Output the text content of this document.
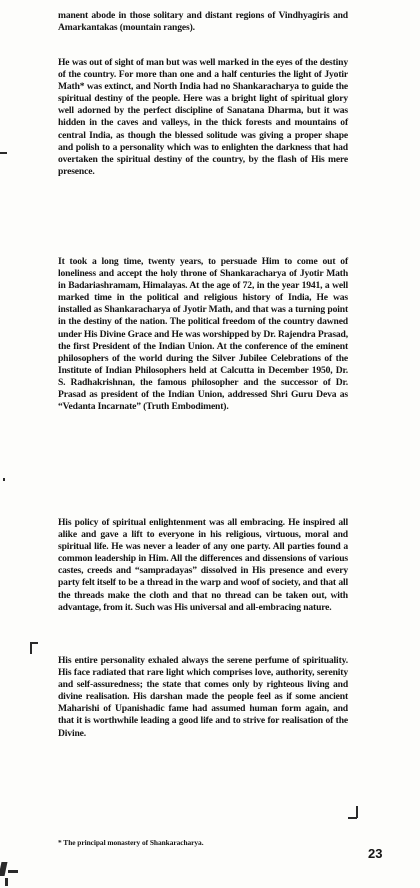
manent abode in those solitary and distant regions of Vindhyagiris and Amarkantakas (mountain ranges).

He was out of sight of man but was well marked in the eyes of the destiny of the country. For more than one and a half centuries the light of Jyotir Math* was extinct, and North India had no Shankaracharya to guide the spiritual destiny of the people. Here was a bright light of spiritual glory well adorned by the perfect discipline of Sanatana Dharma, but it was hidden in the caves and valleys, in the thick forests and mountains of central India, as though the blessed solitude was giving a proper shape and polish to a personality which was to enlighten the darkness that had overtaken the spiritual destiny of the country, by the flash of His mere presence.

It took a long time, twenty years, to persuade Him to come out of loneliness and accept the holy throne of Shankaracharya of Jyotir Math in Badariashramam, Himalayas. At the age of 72, in the year 1941, a well marked time in the political and religious history of India, He was installed as Shankaracharya of Jyotir Math, and that was a turning point in the destiny of the nation. The political freedom of the country dawned under His Divine Grace and He was worshipped by Dr. Rajendra Prasad, the first President of the Indian Union. At the conference of the eminent philosophers of the world during the Silver Jubilee Celebrations of the Institute of Indian Philosophers held at Calcutta in December 1950, Dr. S. Radhakrishnan, the famous philosopher and the successor of Dr. Prasad as president of the Indian Union, addressed Shri Guru Deva as “Vedanta Incarnate” (Truth Embodiment).

His policy of spiritual enlightenment was all embracing. He inspired all alike and gave a lift to everyone in his religious, virtuous, moral and spiritual life. He was never a leader of any one party. All parties found a common leadership in Him. All the differences and dissensions of various castes, creeds and “sampradayas” dissolved in His presence and every party felt itself to be a thread in the warp and woof of society, and that all the threads make the cloth and that no thread can be taken out, with advantage, from it. Such was His universal and all-embracing nature.

His entire personality exhaled always the serene perfume of spirituality. His face radiated that rare light which comprises love, authority, serenity and self-assuredness; the state that comes only by righteous living and divine realisation. His darshan made the people feel as if some ancient Maharishi of Upanishadic fame had assumed human form again, and that it is worthwhile leading a good life and to strive for realisation of the Divine.

* The principal monastery of Shankaracharya.

23
